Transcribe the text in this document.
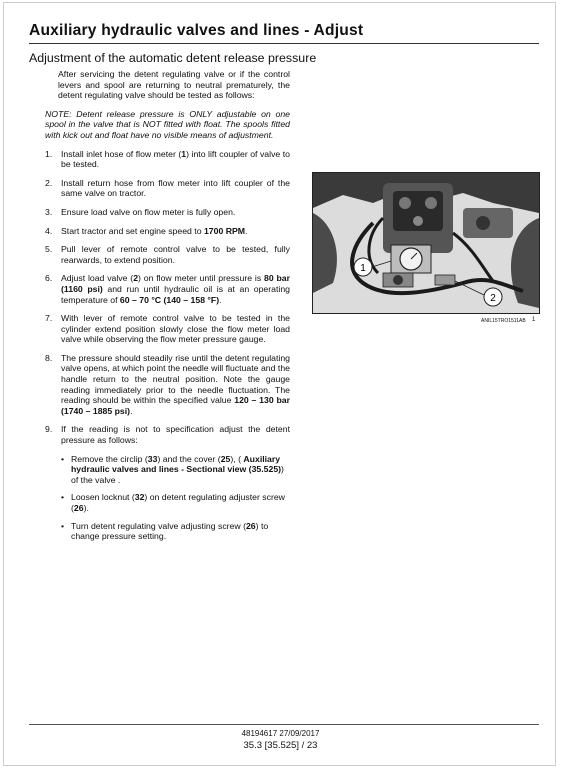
Auxiliary hydraulic valves and lines - Adjust
Adjustment of the automatic detent release pressure

After servicing the detent regulating valve or if the control levers and spool are returning to neutral prematurely, the detent regulating valve should be tested as follows:

NOTE: Detent release pressure is ONLY adjustable on one spool in the valve that is NOT fitted with float. The spools fitted with kick out and float have no visible means of adjustment.

1. Install inlet hose of flow meter (1) into lift coupler of valve to be tested.
2. Install return hose from flow meter into lift coupler of the same valve on tractor.
3. Ensure load valve on flow meter is fully open.
4. Start tractor and set engine speed to 1700 RPM.
5. Pull lever of remote control valve to be tested, fully rearwards, to extend position.
6. Adjust load valve (2) on flow meter until pressure is 80 bar (1160 psi) and run until hydraulic oil is at an operating temperature of 60 – 70 °C (140 – 158 °F).
7. With lever of remote control valve to be tested in the cylinder extend position slowly close the flow meter load valve while observing the flow meter pressure gauge.
8. The pressure should steadily rise until the detent regulating valve opens, at which point the needle will fluctuate and the handle return to the neutral position. Note the gauge reading immediately prior to the needle fluctuation. The reading should be within the specified value 120 – 130 bar (1740 – 1885 psi).
9. If the reading is not to specification adjust the detent pressure as follows:
• Remove the circlip (33) and the cover (25), ( Auxiliary hydraulic valves and lines - Sectional view (35.525)) of the valve .
• Loosen locknut (32) on detent regulating adjuster screw (26).
• Turn detent regulating valve adjusting screw (26) to change pressure setting.
1
2
ANIL15TRO1511AB 1
48194617 27/09/2017
35.3 [35.525] / 23
